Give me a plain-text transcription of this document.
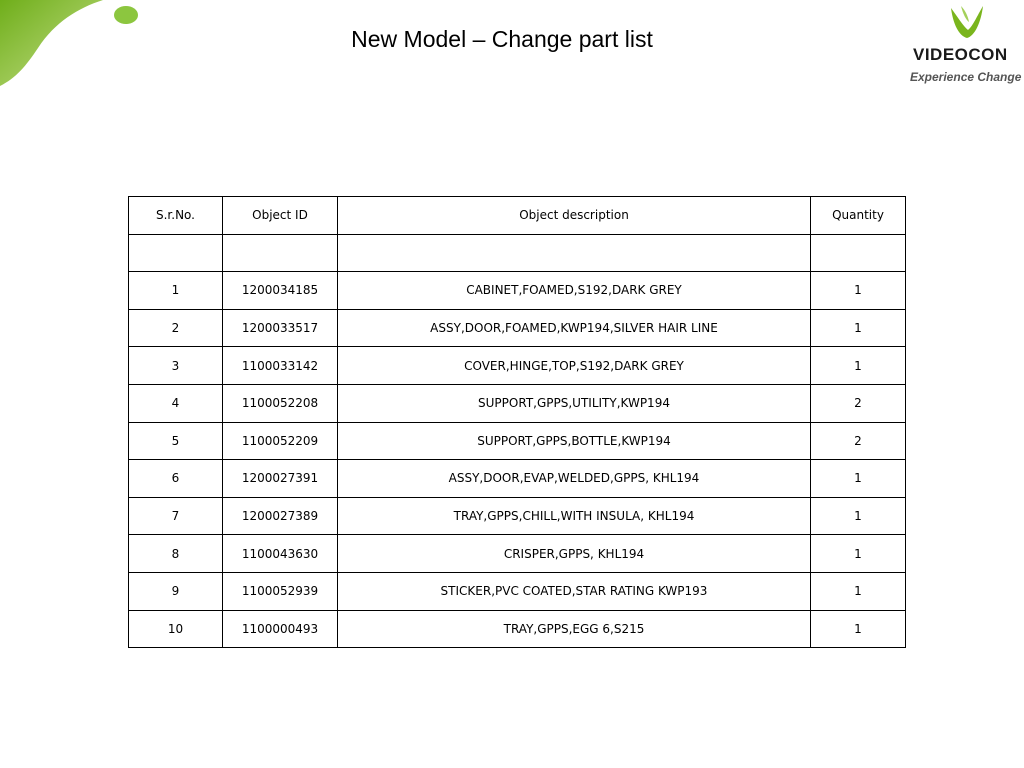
New Model – Change part list
VIDEOCON
Experience Change
S.r.No.	Object ID	Object description	Quantity

1	1200034185	CABINET,FOAMED,S192,DARK GREY	1
2	1200033517	ASSY,DOOR,FOAMED,KWP194,SILVER HAIR LINE	1
3	1100033142	COVER,HINGE,TOP,S192,DARK GREY	1
4	1100052208	SUPPORT,GPPS,UTILITY,KWP194	2
5	1100052209	SUPPORT,GPPS,BOTTLE,KWP194	2
6	1200027391	ASSY,DOOR,EVAP,WELDED,GPPS, KHL194	1
7	1200027389	TRAY,GPPS,CHILL,WITH INSULA, KHL194	1
8	1100043630	CRISPER,GPPS, KHL194	1
9	1100052939	STICKER,PVC COATED,STAR RATING KWP193	1
10	1100000493	TRAY,GPPS,EGG 6,S215	1
